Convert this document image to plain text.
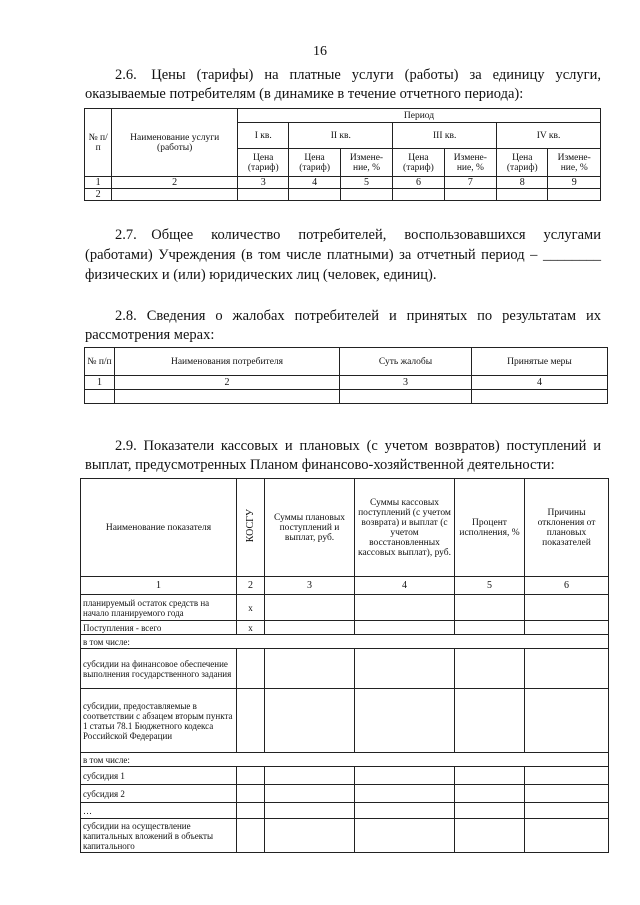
16
2.6. Цены (тарифы) на платные услуги (работы) за единицу услуги, оказываемые потребителям (в динамике в течение отчетного периода):
№ п/п	Наименование услуги (работы)	Период						
		I кв.	II кв.		III кв.		IV кв.	
		Цена (тариф)	Цена (тариф)	Измене-ние, %	Цена (тариф)	Измене-ние, %	Цена (тариф)	Измене-ние, %
1	2	3	4	5	6	7	8	9
2								
2.7. Общее количество потребителей, воспользовавшихся услугами (работами) Учреждения (в том числе платными) за отчетный период – ________ физических и (или) юридических лиц (человек, единиц).
2.8. Сведения о жалобах потребителей и принятых по результатам их рассмотрения мерах:
№ п/п	Наименования потребителя	Суть жалобы	Принятые меры
1	2	3	4

2.9. Показатели кассовых и плановых (с учетом возвратов) поступлений и выплат, предусмотренных Планом финансово-хозяйственной деятельности:
Наименование показателя	КОСГУ	Суммы плановых поступлений и выплат, руб.	Суммы кассовых поступлений (с учетом возврата) и выплат (с учетом восстановленных кассовых выплат), руб.	Процент исполнения, %	Причины отклонения от плановых показателей
1	2	3	4	5	6
планируемый остаток средств на начало планируемого года	x				
Поступления - всего	x				
в том числе:					
субсидии на финансовое обеспечение выполнения государственного задания					
субсидии, предоставляемые в соответствии с абзацем вторым пункта 1 статьи 78.1 Бюджетного кодекса Российской Федерации					
в том числе:					
субсидия 1					
субсидия 2					
…					
субсидии на осуществление капитальных вложений в объекты капитального					
